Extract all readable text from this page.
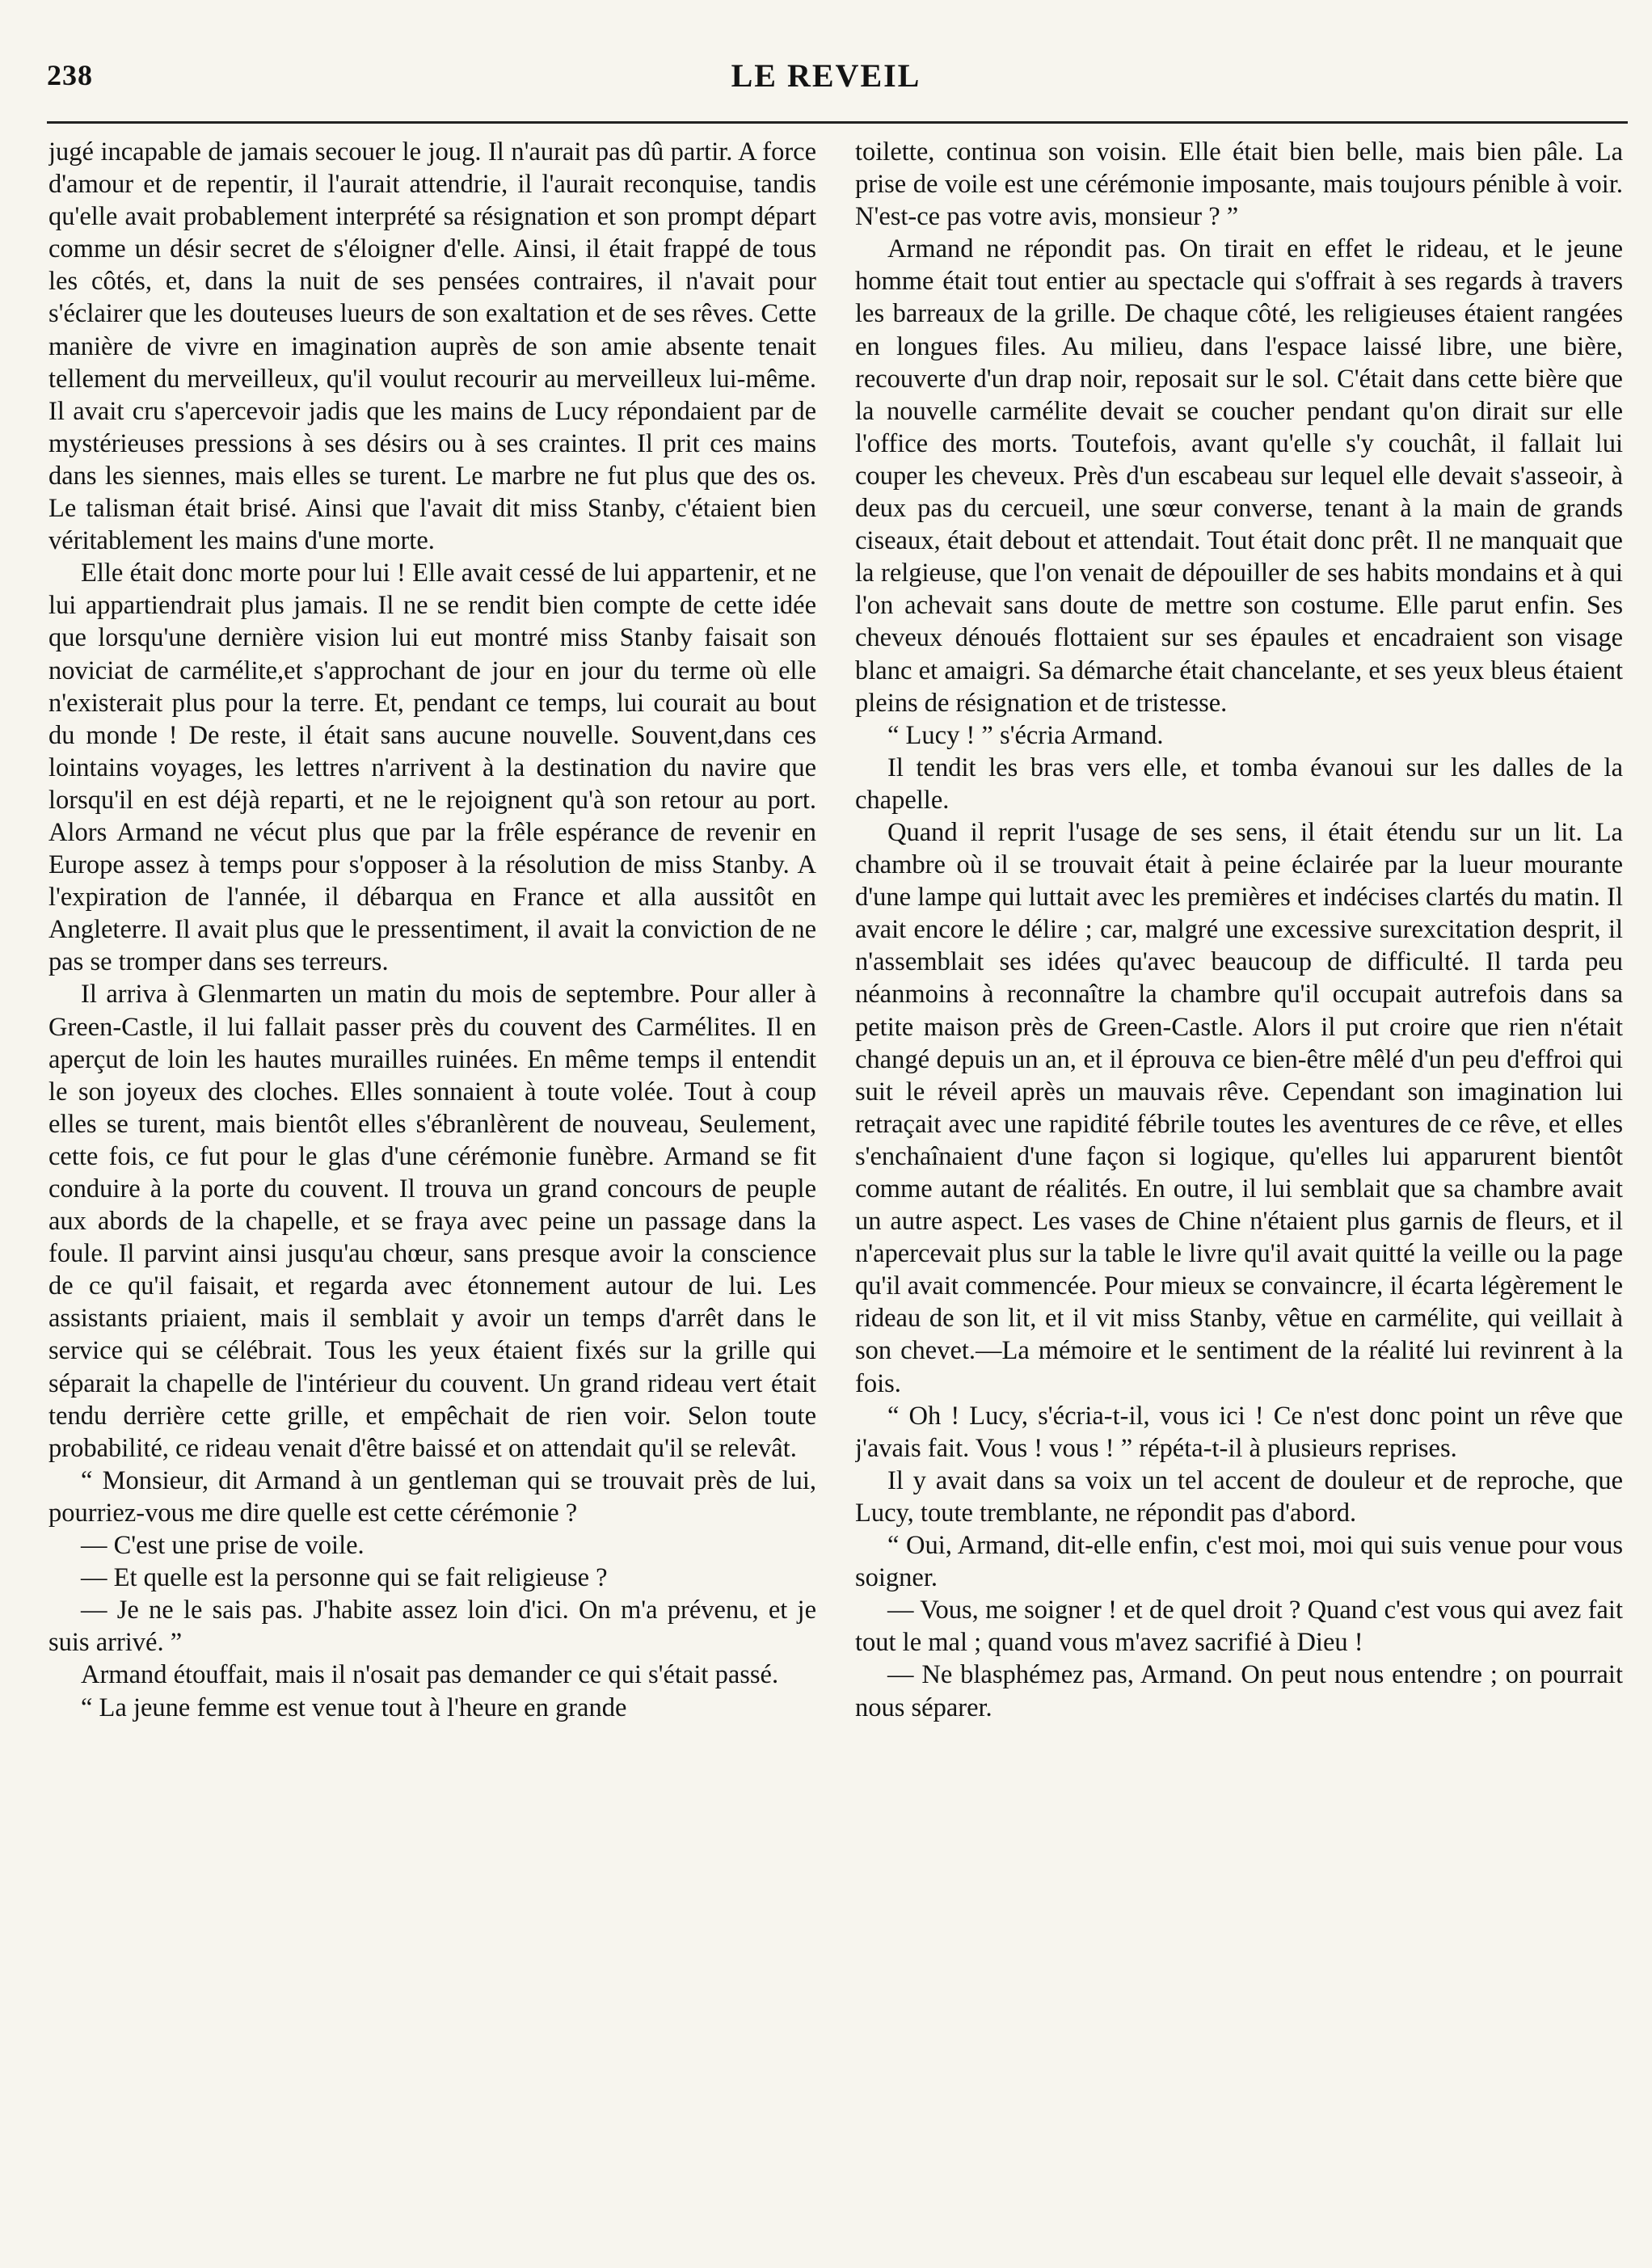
238	LE REVEIL

jugé incapable de jamais secouer le joug. Il n'aurait pas dû partir. A force d'amour et de repentir, il l'aurait attendrie, il l'aurait reconquise, tandis qu'elle avait probablement interprété sa résignation et son prompt départ comme un désir secret de s'éloigner d'elle. Ainsi, il était frappé de tous les côtés, et, dans la nuit de ses pensées contraires, il n'avait pour s'éclairer que les douteuses lueurs de son exaltation et de ses rêves. Cette manière de vivre en imagination auprès de son amie absente tenait tellement du merveilleux, qu'il voulut recourir au merveilleux lui-même. Il avait cru s'apercevoir jadis que les mains de Lucy répondaient par de mystérieuses pressions à ses désirs ou à ses craintes. Il prit ces mains dans les siennes, mais elles se turent. Le marbre ne fut plus que des os. Le talisman était brisé. Ainsi que l'avait dit miss Stanby, c'étaient bien véritablement les mains d'une morte.

Elle était donc morte pour lui ! Elle avait cessé de lui appartenir, et ne lui appartiendrait plus jamais. Il ne se rendit bien compte de cette idée que lorsqu'une dernière vision lui eut montré miss Stanby faisait son noviciat de carmélite,et s'approchant de jour en jour du terme où elle n'existerait plus pour la terre. Et, pendant ce temps, lui courait au bout du monde ! De reste, il était sans aucune nouvelle. Souvent,dans ces lointains voyages, les lettres n'arrivent à la destination du navire que lorsqu'il en est déjà reparti, et ne le rejoignent qu'à son retour au port. Alors Armand ne vécut plus que par la frêle espérance de revenir en Europe assez à temps pour s'opposer à la résolution de miss Stanby. A l'expiration de l'année, il débarqua en France et alla aussitôt en Angleterre. Il avait plus que le pressentiment, il avait la conviction de ne pas se tromper dans ses terreurs.

Il arriva à Glenmarten un matin du mois de septembre. Pour aller à Green-Castle, il lui fallait passer près du couvent des Carmélites. Il en aperçut de loin les hautes murailles ruinées. En même temps il entendit le son joyeux des cloches. Elles sonnaient à toute volée. Tout à coup elles se turent, mais bientôt elles s'ébranlèrent de nouveau, Seulement, cette fois, ce fut pour le glas d'une cérémonie funèbre. Armand se fit conduire à la porte du couvent. Il trouva un grand concours de peuple aux abords de la chapelle, et se fraya avec peine un passage dans la foule. Il parvint ainsi jusqu'au chœur, sans presque avoir la conscience de ce qu'il faisait, et regarda avec étonnement autour de lui. Les assistants priaient, mais il semblait y avoir un temps d'arrêt dans le service qui se célébrait. Tous les yeux étaient fixés sur la grille qui séparait la chapelle de l'intérieur du couvent. Un grand rideau vert était tendu derrière cette grille, et empêchait de rien voir. Selon toute probabilité, ce rideau venait d'être baissé et on attendait qu'il se relevât.

“ Monsieur, dit Armand à un gentleman qui se trouvait près de lui, pourriez-vous me dire quelle est cette cérémonie ?

— C'est une prise de voile.

— Et quelle est la personne qui se fait religieuse ?

— Je ne le sais pas. J'habite assez loin d'ici. On m'a prévenu, et je suis arrivé. ”

Armand étouffait, mais il n'osait pas demander ce qui s'était passé.

“ La jeune femme est venue tout à l'heure en grande

toilette, continua son voisin. Elle était bien belle, mais bien pâle. La prise de voile est une cérémonie imposante, mais toujours pénible à voir. N'est-ce pas votre avis, monsieur ? ”

Armand ne répondit pas. On tirait en effet le rideau, et le jeune homme était tout entier au spectacle qui s'offrait à ses regards à travers les barreaux de la grille. De chaque côté, les religieuses étaient rangées en longues files. Au milieu, dans l'espace laissé libre, une bière, recouverte d'un drap noir, reposait sur le sol. C'était dans cette bière que la nouvelle carmélite devait se coucher pendant qu'on dirait sur elle l'office des morts. Toutefois, avant qu'elle s'y couchât, il fallait lui couper les cheveux. Près d'un escabeau sur lequel elle devait s'asseoir, à deux pas du cercueil, une sœur converse, tenant à la main de grands ciseaux, était debout et attendait. Tout était donc prêt. Il ne manquait que la relgieuse, que l'on venait de dépouiller de ses habits mondains et à qui l'on achevait sans doute de mettre son costume. Elle parut enfin. Ses cheveux dénoués flottaient sur ses épaules et encadraient son visage blanc et amaigri. Sa démarche était chancelante, et ses yeux bleus étaient pleins de résignation et de tristesse.

“ Lucy ! ” s'écria Armand.

Il tendit les bras vers elle, et tomba évanoui sur les dalles de la chapelle.

Quand il reprit l'usage de ses sens, il était étendu sur un lit. La chambre où il se trouvait était à peine éclairée par la lueur mourante d'une lampe qui luttait avec les premières et indécises clartés du matin. Il avait encore le délire ; car, malgré une excessive surexcitation desprit, il n'assemblait ses idées qu'avec beaucoup de difficulté. Il tarda peu néanmoins à reconnaître la chambre qu'il occupait autrefois dans sa petite maison près de Green-Castle. Alors il put croire que rien n'était changé depuis un an, et il éprouva ce bien-être mêlé d'un peu d'effroi qui suit le réveil après un mauvais rêve. Cependant son imagination lui retraçait avec une rapidité fébrile toutes les aventures de ce rêve, et elles s'enchaînaient d'une façon si logique, qu'elles lui apparurent bientôt comme autant de réalités. En outre, il lui semblait que sa chambre avait un autre aspect. Les vases de Chine n'étaient plus garnis de fleurs, et il n'apercevait plus sur la table le livre qu'il avait quitté la veille ou la page qu'il avait commencée. Pour mieux se convaincre, il écarta légèrement le rideau de son lit, et il vit miss Stanby, vêtue en carmélite, qui veillait à son chevet.—La mémoire et le sentiment de la réalité lui revinrent à la fois.

“ Oh ! Lucy, s'écria-t-il, vous ici ! Ce n'est donc point un rêve que j'avais fait. Vous ! vous ! ” répéta-t-il à plusieurs reprises.

Il y avait dans sa voix un tel accent de douleur et de reproche, que Lucy, toute tremblante, ne répondit pas d'abord.

“ Oui, Armand, dit-elle enfin, c'est moi, moi qui suis venue pour vous soigner.

— Vous, me soigner ! et de quel droit ? Quand c'est vous qui avez fait tout le mal ; quand vous m'avez sacrifié à Dieu !

— Ne blasphémez pas, Armand. On peut nous entendre ; on pourrait nous séparer.
